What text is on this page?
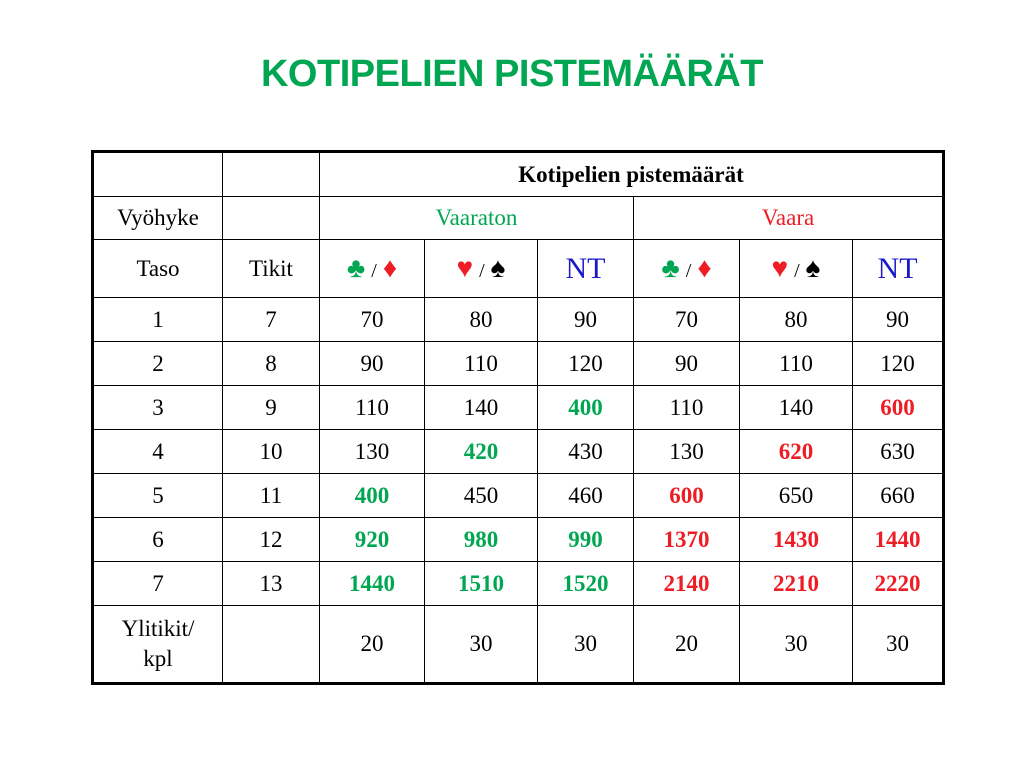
KOTIPELIEN PISTEMÄÄRÄT
		Kotipelien pistemäärät					
Vyöhyke		Vaaraton			Vaara		
Taso	Tikit	♣ / ♦	♥ / ♠	NT	♣ / ♦	♥ / ♠	NT
1	7	70	80	90	70	80	90
2	8	90	110	120	90	110	120
3	9	110	140	400	110	140	600
4	10	130	420	430	130	620	630
5	11	400	450	460	600	650	660
6	12	920	980	990	1370	1430	1440
7	13	1440	1510	1520	2140	2210	2220
Ylitikit/
kpl		20	30	30	20	30	30
